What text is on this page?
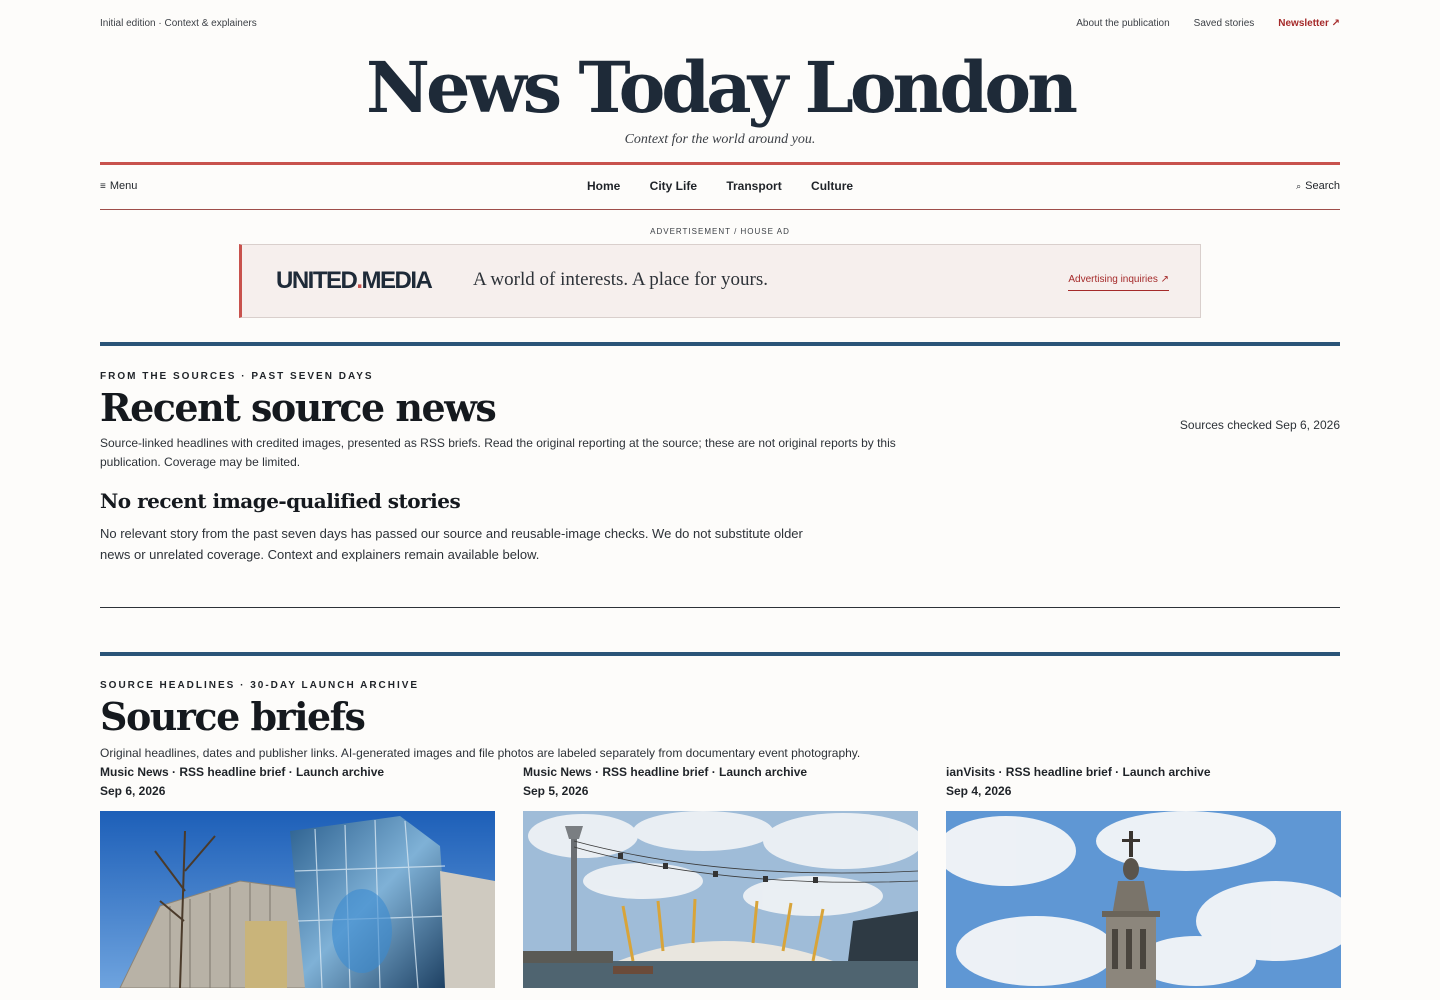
Initial edition · Context & explainers	About the publication Saved stories Newsletter ↗
News Today London
Context for the world around you.
≡ Menu	Home City Life Transport Culture	⌕ Search
ADVERTISEMENT / HOUSE AD
UNITED.MEDIA A world of interests. A place for yours.	Advertising inquiries ↗
FROM THE SOURCES · PAST SEVEN DAYS
Recent source news
Source-linked headlines with credited images, presented as RSS briefs. Read the original reporting at the source; these are not original reports by this publication. Coverage may be limited.
Sources checked Sep 6, 2026
No recent image-qualified stories
No relevant story from the past seven days has passed our source and reusable-image checks. We do not substitute older news or unrelated coverage. Context and explainers remain available below.
SOURCE HEADLINES · 30-DAY LAUNCH ARCHIVE
Source briefs
Original headlines, dates and publisher links. AI-generated images and file photos are labeled separately from documentary event photography.
Music News · RSS headline brief · Launch archive
Sep 6, 2026
Music News · RSS headline brief · Launch archive
Sep 5, 2026
ianVisits · RSS headline brief · Launch archive
Sep 4, 2026
